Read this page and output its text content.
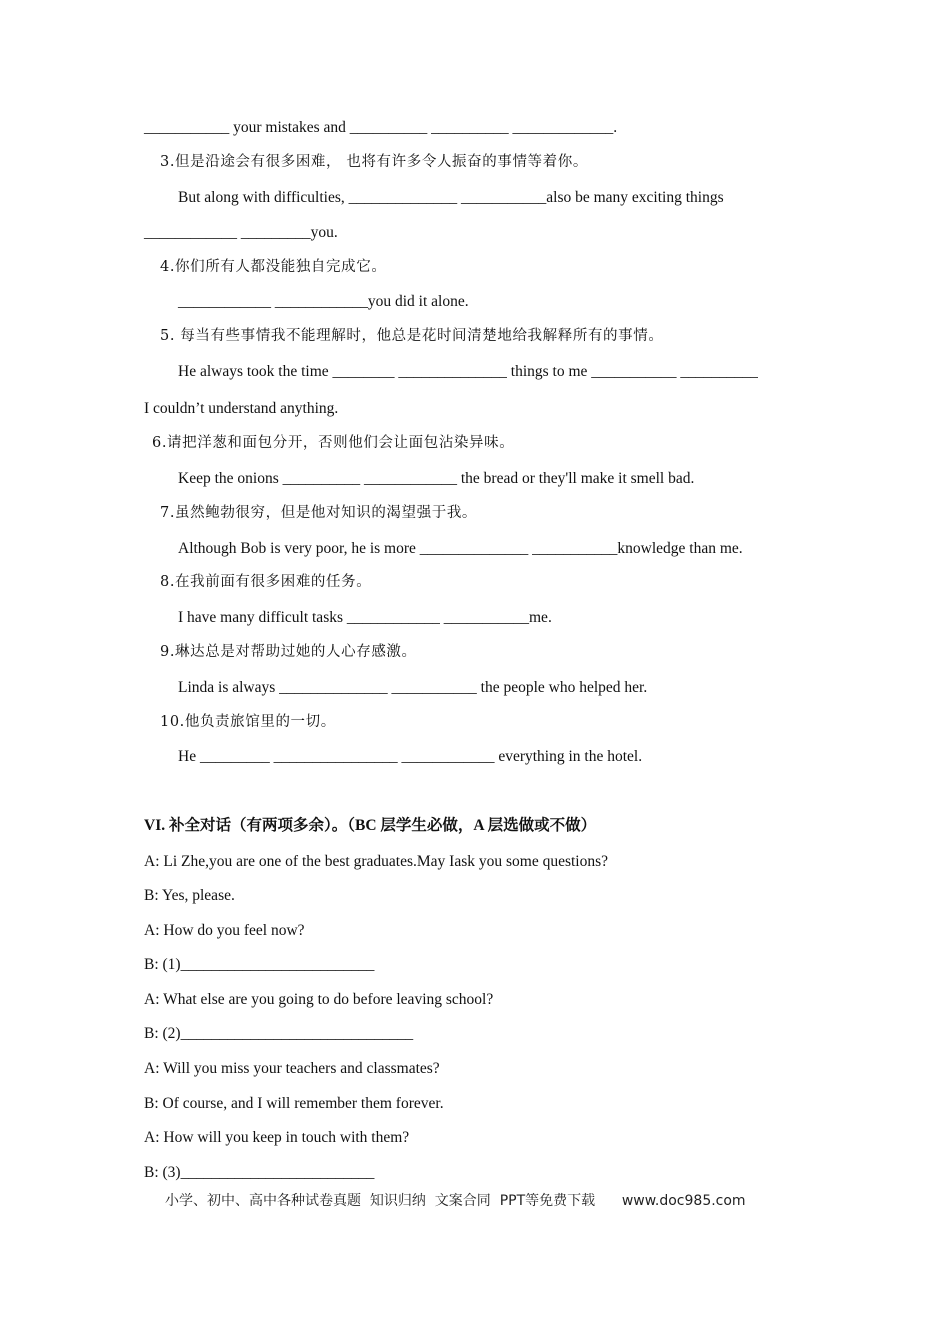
___________ your mistakes and __________ __________ _____________.
3.但是沿途会有很多困难， 也将有许多令人振奋的事情等着你。
But along with difficulties, ______________ ___________also be many exciting things
____________ _________you.
4.你们所有人都没能独自完成它。
____________ ____________you did it alone.
5. 每当有些事情我不能理解时，他总是花时间清楚地给我解释所有的事情。
He always took the time ________ ______________ things to me ___________ __________
I couldn’t understand anything.
6.请把洋葱和面包分开，否则他们会让面包沾染异味。
Keep the onions __________ ____________ the bread or they'll make it smell bad.
7.虽然鲍勃很穷，但是他对知识的渴望强于我。
Although Bob is very poor, he is more ______________ ___________knowledge than me.
8.在我前面有很多困难的任务。
I have many difficult tasks ____________ ___________me.
9.琳达总是对帮助过她的人心存感激。
Linda is always ______________ ___________ the people who helped her.
10.他负责旅馆里的一切。
He _________ ________________ ____________ everything in the hotel.
VI. 补全对话（有两项多余）。（BC 层学生必做，A 层选做或不做）
A: Li Zhe,you are one of the best graduates.May Iask you some questions?
B: Yes, please.
A: How do you feel now?
B: (1)_________________________
A: What else are you going to do before leaving school?
B: (2)______________________________
A: Will you miss your teachers and classmates?
B: Of course, and I will remember them forever.
A: How will you keep in touch with them?
B: (3)_________________________
小学、初中、高中各种试卷真题  知识归纳  文案合同  PPT等免费下载      www.doc985.com
